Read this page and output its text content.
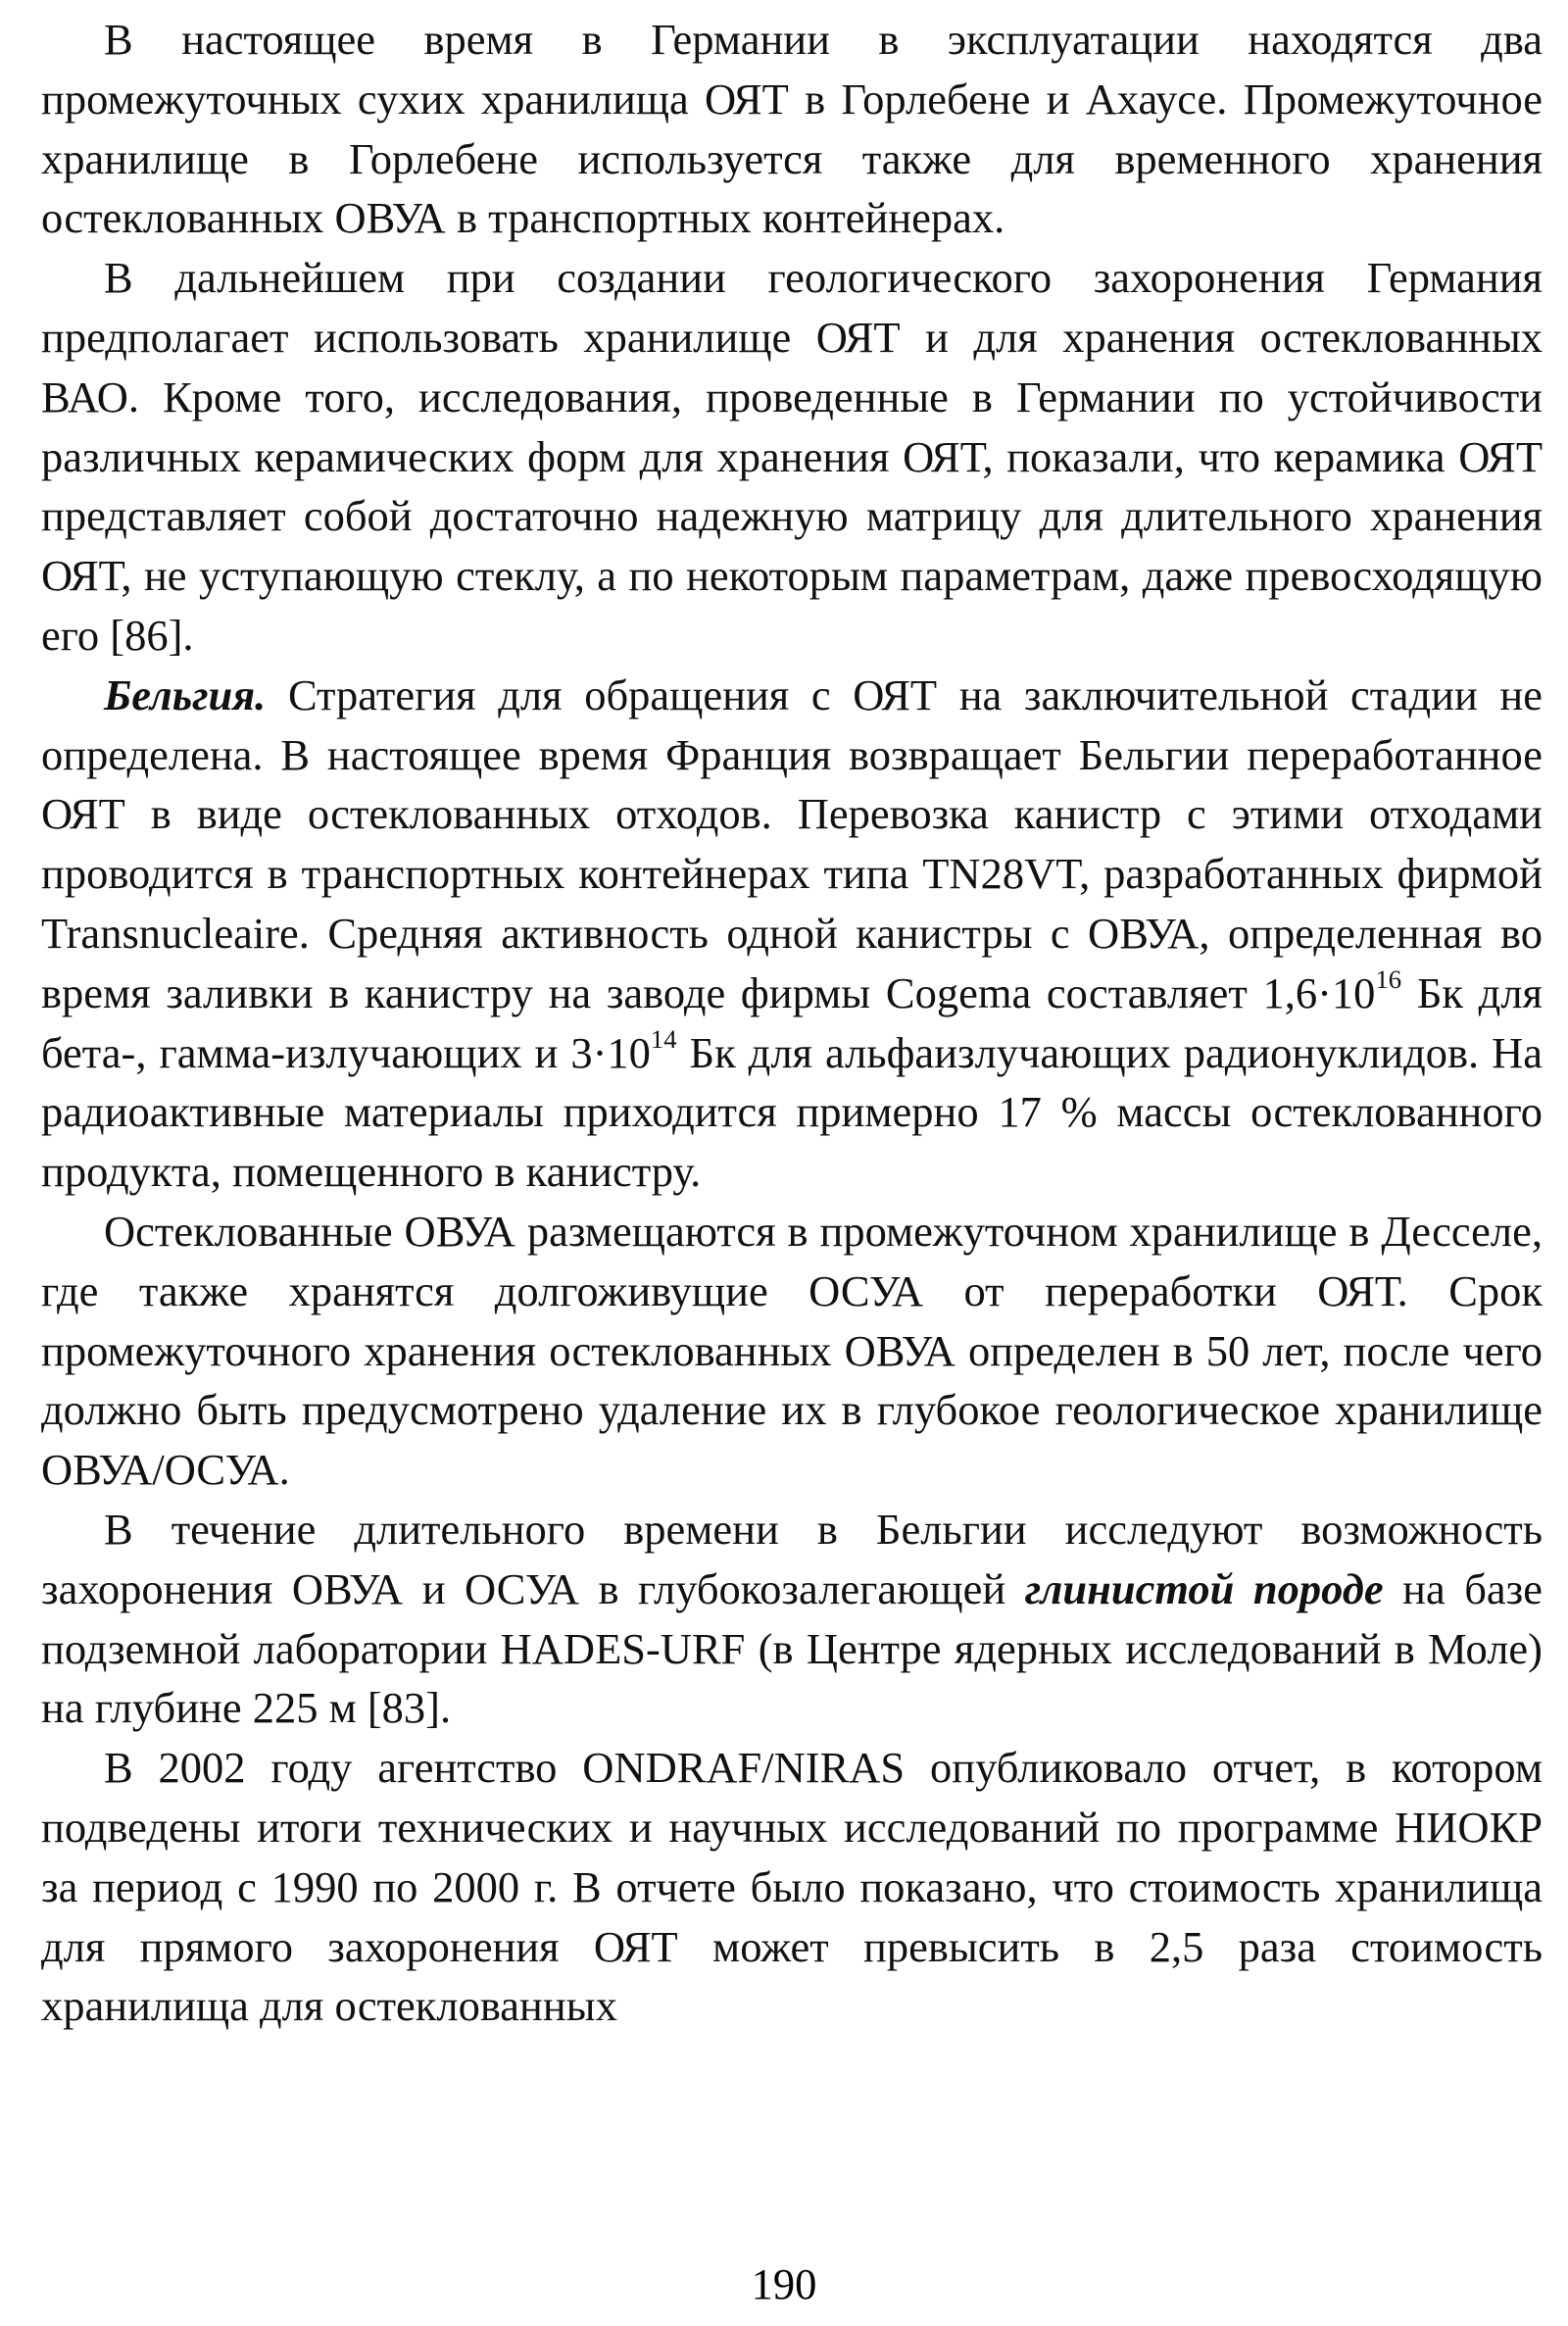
В настоящее время в Германии в эксплуатации находятся два промежуточных сухих хранилища ОЯТ в Горлебене и Ахаусе. Промежуточное хранилище в Горлебене используется также для временного хранения остеклованных ОВУА в транспортных контейнерах.

В дальнейшем при создании геологического захоронения Германия предполагает использовать хранилище ОЯТ и для хранения остеклованных ВАО. Кроме того, исследования, проведенные в Германии по устойчивости различных керамических форм для хранения ОЯТ, показали, что керамика ОЯТ представляет собой достаточно надежную матрицу для длительного хранения ОЯТ, не уступающую стеклу, а по некоторым параметрам, даже превосходящую его [86].

Бельгия. Стратегия для обращения с ОЯТ на заключительной стадии не определена. В настоящее время Франция возвращает Бельгии переработанное ОЯТ в виде остеклованных отходов. Перевозка канистр с этими отходами проводится в транспортных контейнерах типа TN28VT, разработанных фирмой Transnucleaire. Средняя активность одной канистры с ОВУА, определенная во время заливки в канистру на заводе фирмы Cogema составляет $1,6\cdot 10^{16}$ Бк для бета-, гамма-излучающих и $3\cdot 10^{14}$ Бк для альфаизлучающих радионуклидов. На радиоактивные материалы приходится примерно 17 % массы остеклованного продукта, помещенного в канистру.

Остеклованные ОВУА размещаются в промежуточном хранилище в Десселе, где также хранятся долгоживущие ОСУА от переработки ОЯТ. Срок промежуточного хранения остеклованных ОВУА определен в 50 лет, после чего должно быть предусмотрено удаление их в глубокое геологическое хранилище ОВУА/ОСУА.

В течение длительного времени в Бельгии исследуют возможность захоронения ОВУА и ОСУА в глубокозалегающей глинистой породе на базе подземной лаборатории HADES-URF (в Центре ядерных исследований в Моле) на глубине 225 м [83].

В 2002 году агентство ONDRAF/NIRAS опубликовало отчет, в котором подведены итоги технических и научных исследований по программе НИОКР за период с 1990 по 2000 г. В отчете было показано, что стоимость хранилища для прямого захоронения ОЯТ может превысить в 2,5 раза стоимость хранилища для остеклованных

190
